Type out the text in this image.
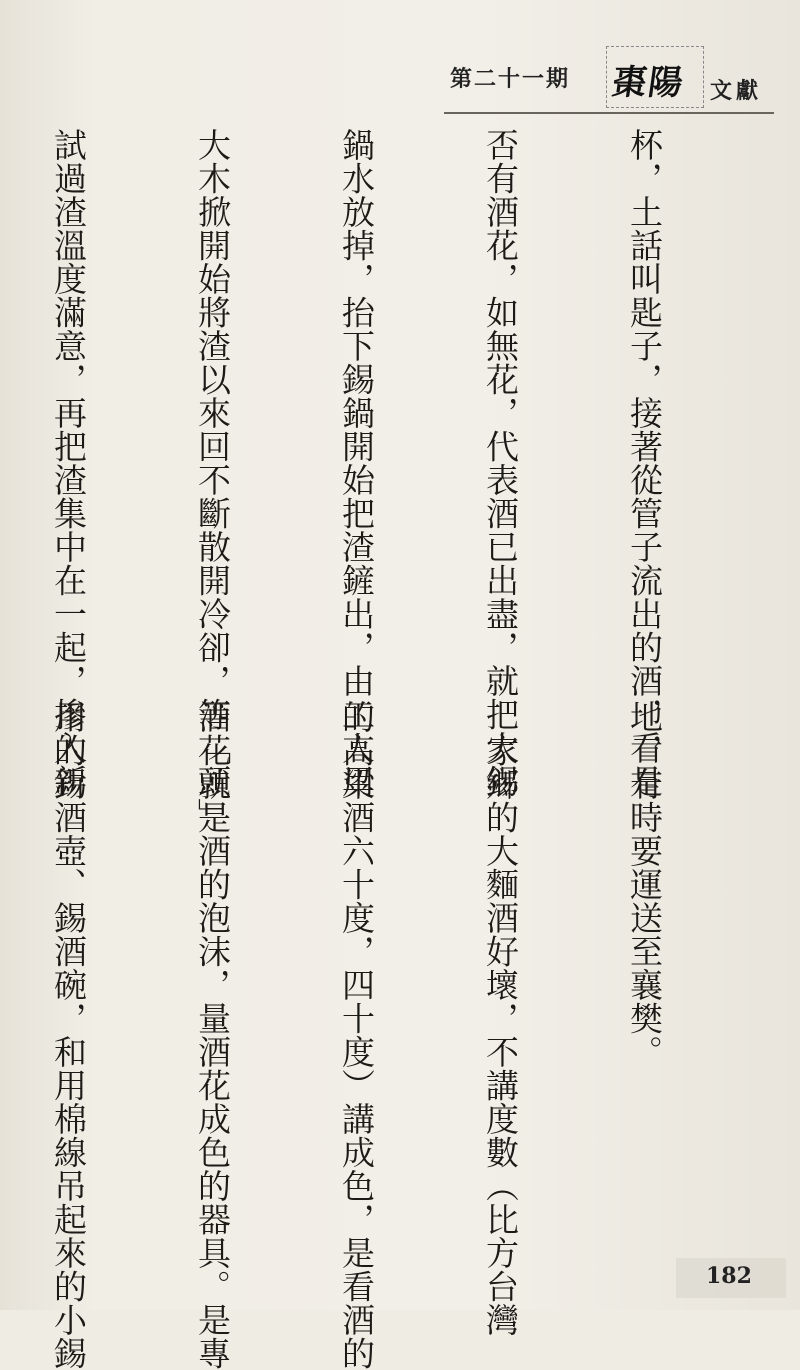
第二十一期 棗陽 文獻

杯，土話叫匙子，接著從管子流出的酒，看是

否有酒花，如無花，代表酒已出盡，就把大錫

鍋水放掉，抬下錫鍋開始把渣鏟出，由工人用

大木掀開始將渣以來回不斷散開冷卻，等「頭」

試過渣溫度滿意，再把渣集中在一起，摻入新

地，有時要運送至襄樊。

　家鄉的大麵酒好壞，不講度數（比方台灣

的高粱酒六十度，四十度）講成色，是看酒的

酒花就是酒的泡沫，量酒花成色的器具。是專

用的錫酒壺、錫酒碗，和用棉線吊起來的小錫

	182
